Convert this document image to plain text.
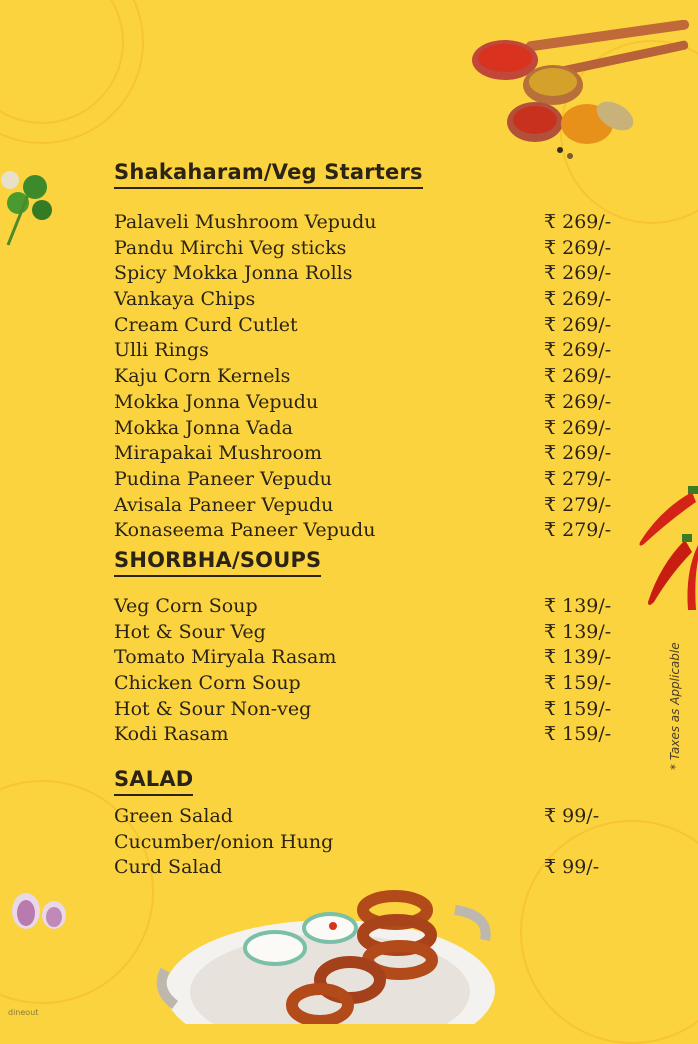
Shakaharam/Veg Starters
Palaveli Mushroom Vepudu	₹ 269/-
Pandu Mirchi Veg sticks	₹ 269/-
Spicy Mokka Jonna Rolls	₹ 269/-
Vankaya Chips	₹ 269/-
Cream Curd Cutlet	₹ 269/-
Ulli Rings	₹ 269/-
Kaju Corn Kernels	₹ 269/-
Mokka Jonna Vepudu	₹ 269/-
Mokka Jonna Vada	₹ 269/-
Mirapakai Mushroom	₹ 269/-
Pudina Paneer Vepudu	₹ 279/-
Avisala Paneer Vepudu	₹ 279/-
Konaseema Paneer Vepudu	₹ 279/-
SHORBHA/SOUPS
Veg Corn Soup	₹ 139/-
Hot & Sour Veg	₹ 139/-
Tomato Miryala Rasam	₹ 139/-
Chicken Corn Soup	₹ 159/-
Hot & Sour Non-veg	₹ 159/-
Kodi Rasam	₹ 159/-
SALAD
Green Salad	₹ 99/-
Cucumber/onion Hung
Curd Salad	₹ 99/-
* Taxes as Applicable
dineout
